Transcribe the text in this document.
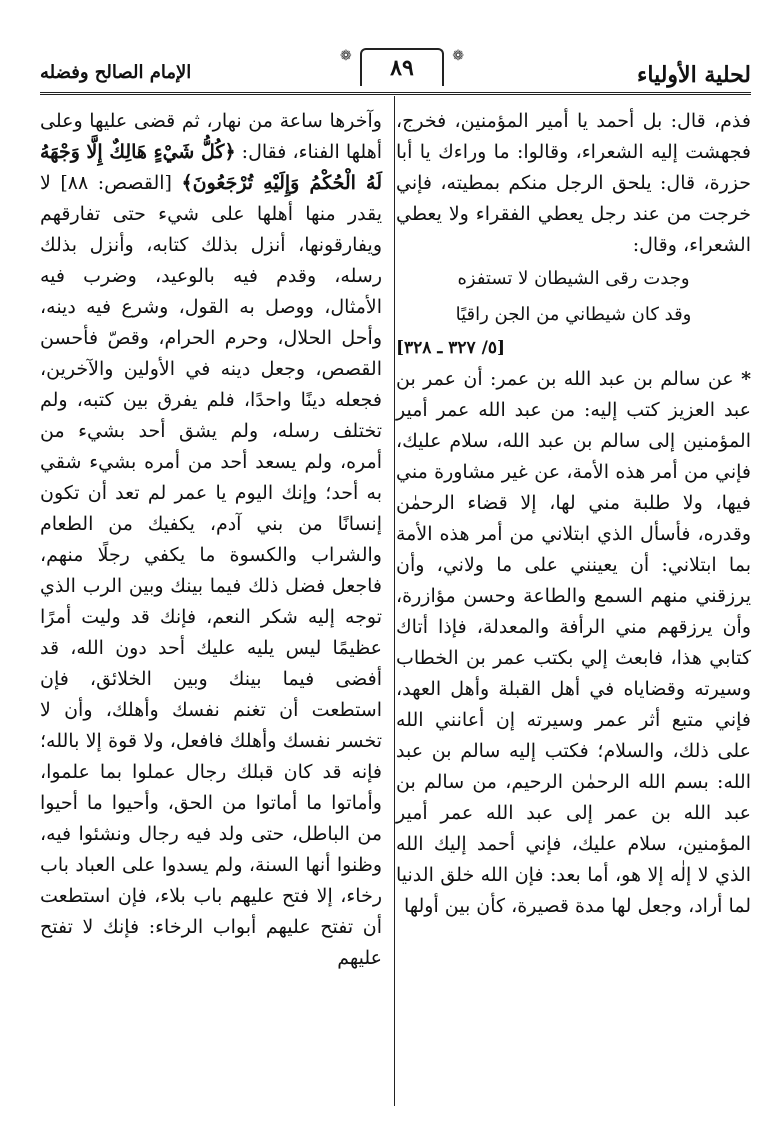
الإمام الصالح وفضله
❁ ٨٩	❁
لحلية الأولياء

فذم، قال: بل أحمد يا أمير المؤمنين، فخرج، فجهشت إليه الشعراء، وقالوا: ما وراءك يا أبا حزرة، قال: يلحق الرجل منكم بمطيته، فإني خرجت من عند رجل يعطي الفقراء ولا يعطي الشعراء، وقال:

وجدت رقى الشيطان لا تستفزه

وقد كان شيطاني من الجن راقيًا

[٥/ ٣٢٧ ـ ٣٢٨]

* عن سالم بن عبد الله بن عمر: أن عمر بن عبد العزيز كتب إليه: من عبد الله عمر أمير المؤمنين إلى سالم بن عبد الله، سلام عليك، فإني من أمر هذه الأمة، عن غير مشاورة مني فيها، ولا طلبة مني لها، إلا قضاء الرحمٰن وقدره، فأسأل الذي ابتلاني من أمر هذه الأمة بما ابتلاني: أن يعينني على ما ولاني، وأن يرزقني منهم السمع والطاعة وحسن مؤازرة، وأن يرزقهم مني الرأفة والمعدلة، فإذا أتاك كتابي هذا، فابعث إلي بكتب عمر بن الخطاب وسيرته وقضاياه في أهل القبلة وأهل العهد، فإني متبع أثر عمر وسيرته إن أعانني الله على ذلك، والسلام؛ فكتب إليه سالم بن عبد الله: بسم الله الرحمٰن الرحيم، من سالم بن عبد الله بن عمر إلى عبد الله عمر أمير المؤمنين، سلام عليك، فإني أحمد إليك الله الذي لا إلٰه إلا هو، أما بعد: فإن الله خلق الدنيا لما أراد، وجعل لها مدة قصيرة، كأن بين أولها

وآخرها ساعة من نهار، ثم قضى عليها وعلى أهلها الفناء، فقال: ﴿كُلُّ شَيْءٍ هَالِكٌ إِلَّا وَجْهَهُ لَهُ الْحُكْمُ وَإِلَيْهِ تُرْجَعُونَ﴾ [القصص: ٨٨] لا يقدر منها أهلها على شيء حتى تفارقهم ويفارقونها، أنزل بذلك كتابه، وأنزل بذلك رسله، وقدم فيه بالوعيد، وضرب فيه الأمثال، ووصل به القول، وشرع فيه دينه، وأحل الحلال، وحرم الحرام، وقصّ فأحسن القصص، وجعل دينه في الأولين والآخرين، فجعله دينًا واحدًا، فلم يفرق بين كتبه، ولم تختلف رسله، ولم يشق أحد بشيء من أمره، ولم يسعد أحد من أمره بشيء شقي به أحد؛ وإنك اليوم يا عمر لم تعد أن تكون إنسانًا من بني آدم، يكفيك من الطعام والشراب والكسوة ما يكفي رجلًا منهم، فاجعل فضل ذلك فيما بينك وبين الرب الذي توجه إليه شكر النعم، فإنك قد وليت أمرًا عظيمًا ليس يليه عليك أحد دون الله، قد أفضى فيما بينك وبين الخلائق، فإن استطعت أن تغنم نفسك وأهلك، وأن لا تخسر نفسك وأهلك فافعل، ولا قوة إلا بالله؛ فإنه قد كان قبلك رجال عملوا بما علموا، وأماتوا ما أماتوا من الحق، وأحيوا ما أحيوا من الباطل، حتى ولد فيه رجال ونشئوا فيه، وظنوا أنها السنة، ولم يسدوا على العباد باب رخاء، إلا فتح عليهم باب بلاء، فإن استطعت أن تفتح عليهم أبواب الرخاء: فإنك لا تفتح عليهم
